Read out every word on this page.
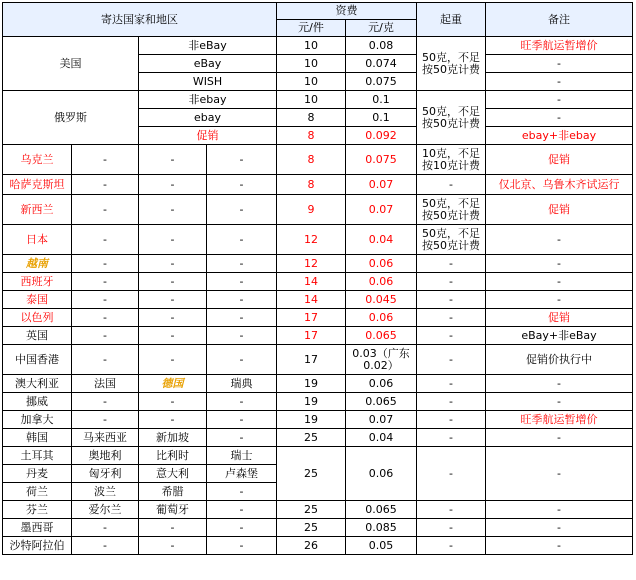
寄达国家和地区				资费		起重	备注
				元/件	元/克		
美国		非eBay		10	0.08	50克，不足按50克计费	旺季航运暂增价
		eBay		10	0.074		-
		WISH		10	0.075		-
俄罗斯		非ebay		10	0.1	50克，不足按50克计费	-
		ebay		8	0.1		-
		促销		8	0.092		ebay+非ebay
乌克兰	-	-	-	8	0.075	10克，不足按10克计费	促销
哈萨克斯坦	-	-	-	8	0.07	-	仅北京、乌鲁木齐试运行
新西兰	-	-	-	9	0.07	50克，不足按50克计费	促销
日本	-	-	-	12	0.04	50克，不足按50克计费	-
越南	-	-	-	12	0.06	-	-
西班牙	-	-	-	14	0.06	-	-
泰国	-	-	-	14	0.045	-	-
以色列	-	-	-	17	0.06	-	促销
英国	-	-	-	17	0.065	-	eBay+非eBay
中国香港	-	-	-	17	0.03（广东0.02）	-	促销价执行中
澳大利亚	法国	德国	瑞典	19	0.06	-	-
挪威	-	-	-	19	0.065	-	-
加拿大	-	-	-	19	0.07	-	旺季航运暂增价
韩国	马来西亚	新加坡	-	25	0.04	-	-
土耳其	奥地利	比利时	瑞士	25	0.06	-	-
丹麦	匈牙利	意大利	卢森堡				
荷兰	波兰	希腊	-				
芬兰	爱尔兰	葡萄牙	-	25	0.065	-	-
墨西哥	-	-	-	25	0.085	-	-
沙特阿拉伯	-	-	-	26	0.05	-	-
